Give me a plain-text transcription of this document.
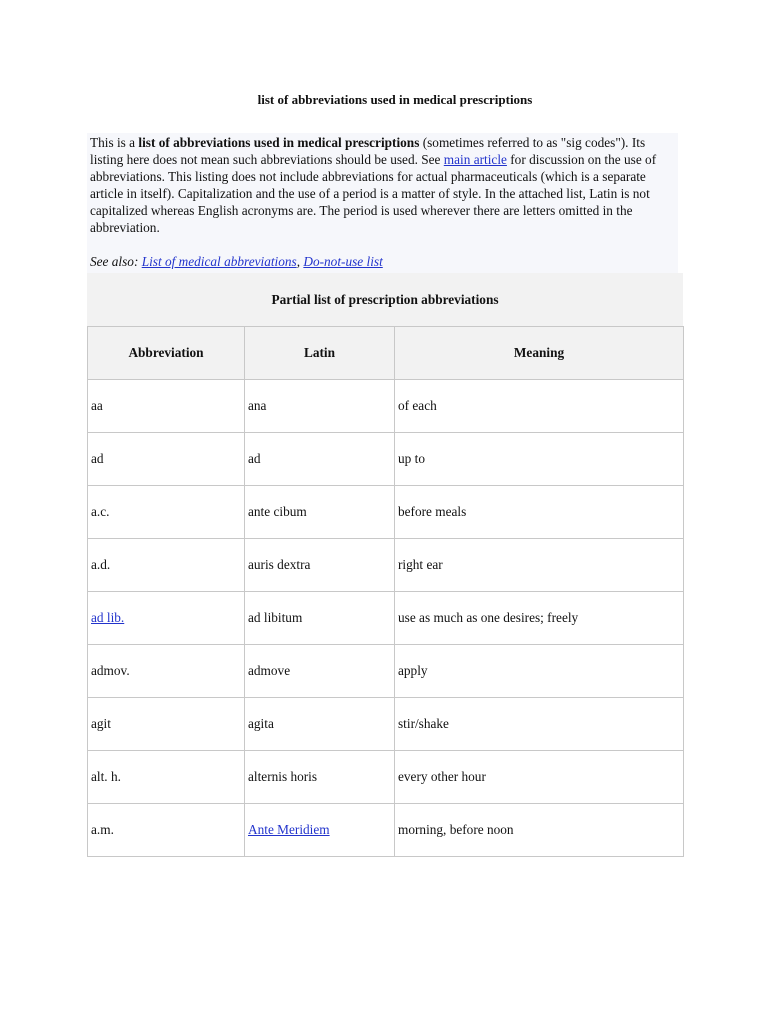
list of abbreviations used in medical prescriptions

This is a list of abbreviations used in medical prescriptions (sometimes referred to as "sig codes"). Its listing here does not mean such abbreviations should be used. See main article for discussion on the use of abbreviations. This listing does not include abbreviations for actual pharmaceuticals (which is a separate article in itself). Capitalization and the use of a period is a matter of style. In the attached list, Latin is not capitalized whereas English acronyms are. The period is used wherever there are letters omitted in the abbreviation.

See also: List of medical abbreviations, Do-not-use list

Partial list of prescription abbreviations
Abbreviation	Latin	Meaning
aa	ana	of each
ad	ad	up to
a.c.	ante cibum	before meals
a.d.	auris dextra	right ear
ad lib.	ad libitum	use as much as one desires; freely
admov.	admove	apply
agit	agita	stir/shake
alt. h.	alternis horis	every other hour
a.m.	Ante Meridiem	morning, before noon
